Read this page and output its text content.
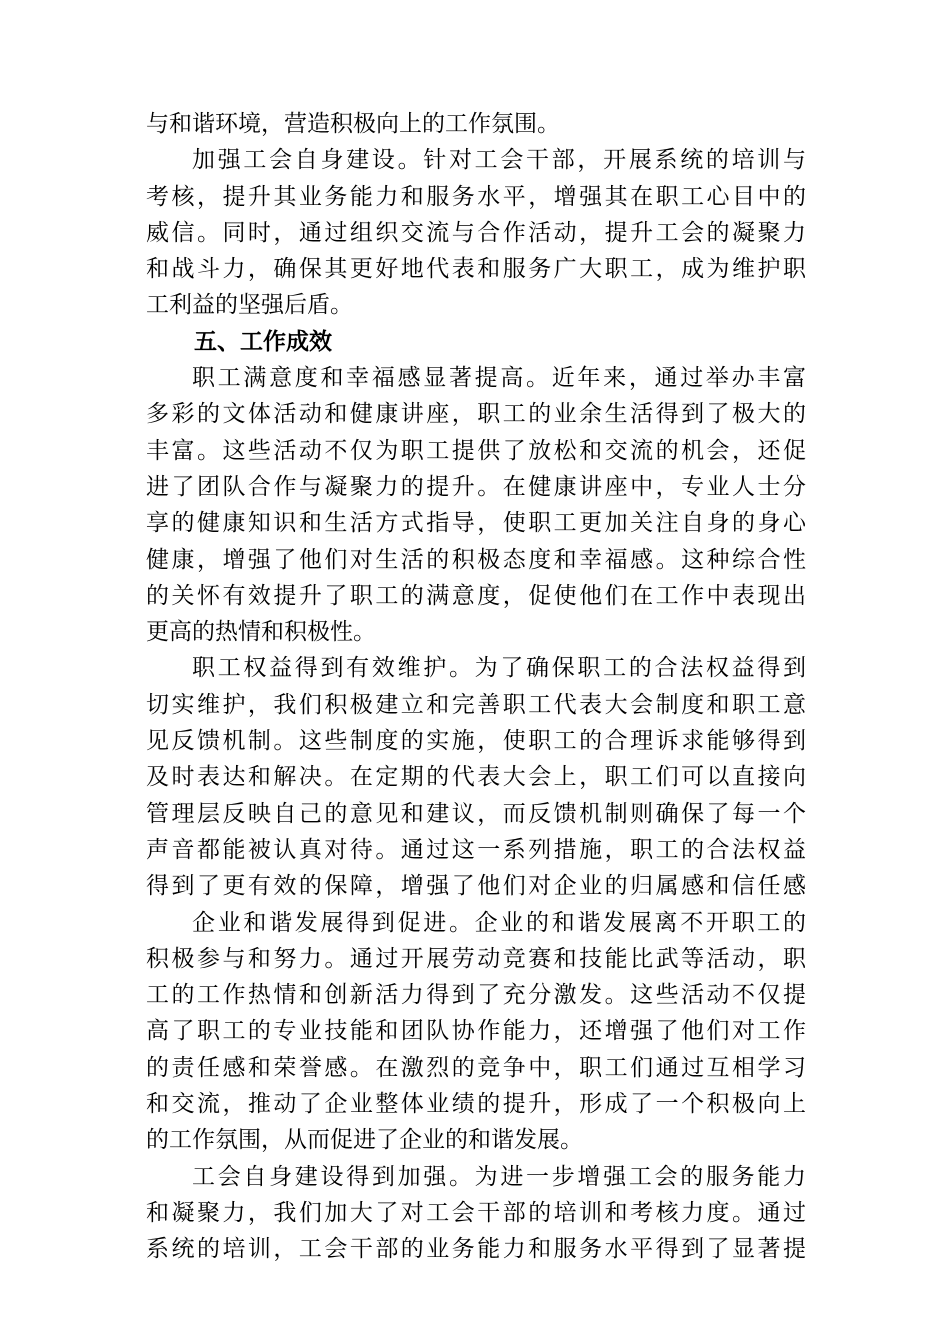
与和谐环境，营造积极向上的工作氛围。
加强工会自身建设。针对工会干部，开展系统的培训与
考核，提升其业务能力和服务水平，增强其在职工心目中的
威信。同时，通过组织交流与合作活动，提升工会的凝聚力
和战斗力，确保其更好地代表和服务广大职工，成为维护职
工利益的坚强后盾。
五、工作成效
职工满意度和幸福感显著提高。近年来，通过举办丰富
多彩的文体活动和健康讲座，职工的业余生活得到了极大的
丰富。这些活动不仅为职工提供了放松和交流的机会，还促
进了团队合作与凝聚力的提升。在健康讲座中，专业人士分
享的健康知识和生活方式指导，使职工更加关注自身的身心
健康，增强了他们对生活的积极态度和幸福感。这种综合性
的关怀有效提升了职工的满意度，促使他们在工作中表现出
更高的热情和积极性。
职工权益得到有效维护。为了确保职工的合法权益得到
切实维护，我们积极建立和完善职工代表大会制度和职工意
见反馈机制。这些制度的实施，使职工的合理诉求能够得到
及时表达和解决。在定期的代表大会上，职工们可以直接向
管理层反映自己的意见和建议，而反馈机制则确保了每一个
声音都能被认真对待。通过这一系列措施，职工的合法权益
得到了更有效的保障，增强了他们对企业的归属感和信任感
企业和谐发展得到促进。企业的和谐发展离不开职工的
积极参与和努力。通过开展劳动竞赛和技能比武等活动，职
工的工作热情和创新活力得到了充分激发。这些活动不仅提
高了职工的专业技能和团队协作能力，还增强了他们对工作
的责任感和荣誉感。在激烈的竞争中，职工们通过互相学习
和交流，推动了企业整体业绩的提升，形成了一个积极向上
的工作氛围，从而促进了企业的和谐发展。
工会自身建设得到加强。为进一步增强工会的服务能力
和凝聚力，我们加大了对工会干部的培训和考核力度。通过
系统的培训，工会干部的业务能力和服务水平得到了显著提
